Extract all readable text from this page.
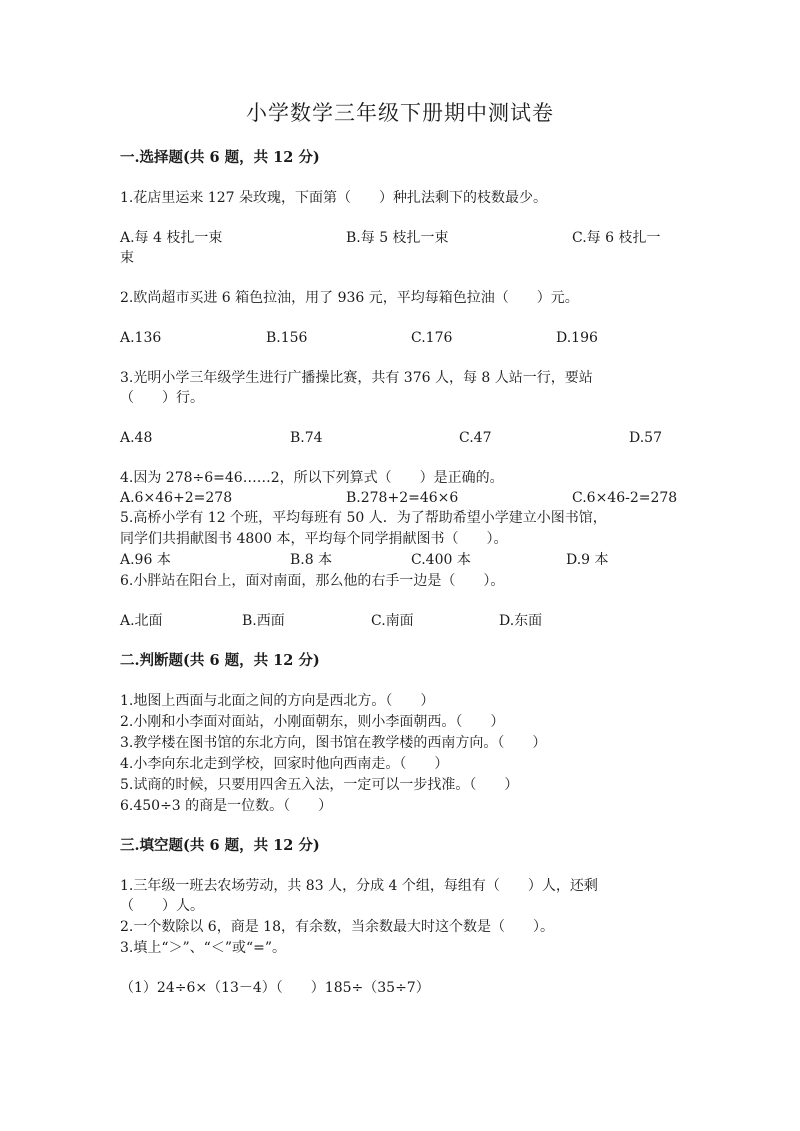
小学数学三年级下册期中测试卷
一.选择题(共 6 题，共 12 分)
1.花店里运来 127 朵玫瑰，下面第（　　）种扎法剩下的枝数最少。
A.每 4 枝扎一束	B.每 5 枝扎一束	C.每 6 枝扎一
束
2.欧尚超市买进 6 箱色拉油，用了 936 元，平均每箱色拉油（　　）元。
A.136	B.156	C.176	D.196
3.光明小学三年级学生进行广播操比赛，共有 376 人，每 8 人站一行，要站
（　　）行。
A.48	B.74	C.47	D.57
4.因为 278÷6=46……2，所以下列算式（　　）是正确的。
A.6×46+2=278	B.278+2=46×6	C.6×46-2=278
5.高桥小学有 12 个班，平均每班有 50 人．为了帮助希望小学建立小图书馆，
同学们共捐献图书 4800 本，平均每个同学捐献图书（　　）。
A.96 本	B.8 本	C.400 本	D.9 本
6.小胖站在阳台上，面对南面，那么他的右手一边是（　　）。
A.北面	B.西面	C.南面	D.东面
二.判断题(共 6 题，共 12 分)
1.地图上西面与北面之间的方向是西北方。（　　）
2.小刚和小李面对面站，小刚面朝东，则小李面朝西。（　　）
3.教学楼在图书馆的东北方向，图书馆在教学楼的西南方向。（　　）
4.小李向东北走到学校，回家时他向西南走。（　　）
5.试商的时候，只要用四舍五入法，一定可以一步找准。（　　）
6.450÷3 的商是一位数。（　　）
三.填空题(共 6 题，共 12 分)
1.三年级一班去农场劳动，共 83 人，分成 4 个组，每组有（　　）人，还剩
（　　）人。
2.一个数除以 6，商是 18，有余数，当余数最大时这个数是（　　）。
3.填上“＞”、“＜”或“=”。
（1）24÷6×（13－4）（　　）185÷（35÷7）
